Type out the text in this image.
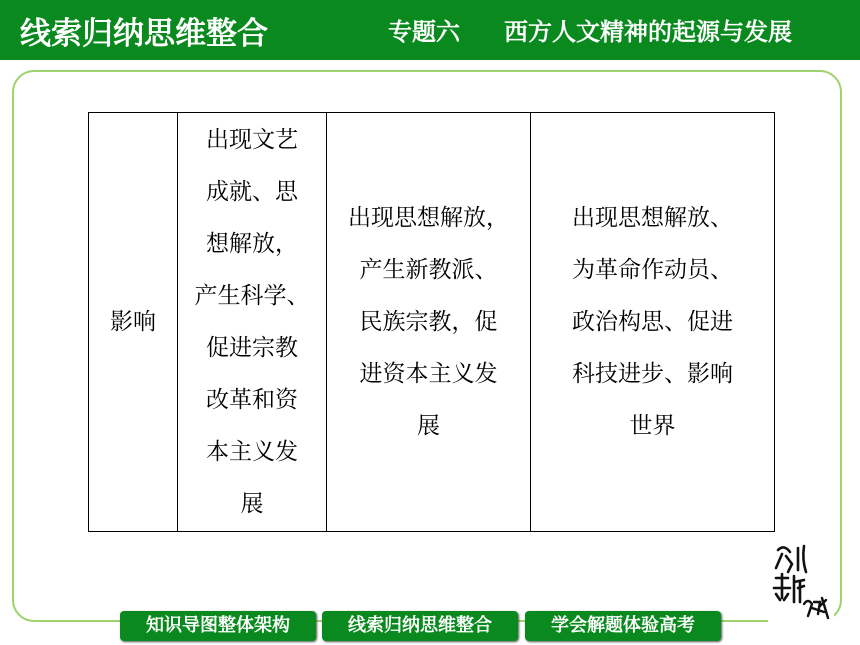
线索归纳思维整合	专题六 西方人文精神的起源与发展
影响	出现文艺
成就、思
想解放，
产生科学、
促进宗教
改革和资
本主义发
展	出现思想解放，
产生新教派、
民族宗教，促
进资本主义发
展	出现思想解放、
为革命作动员、
政治构思、促进
科技进步、影响
世界
知识导图整体架构	线索归纳思维整合	学会解题体验高考
